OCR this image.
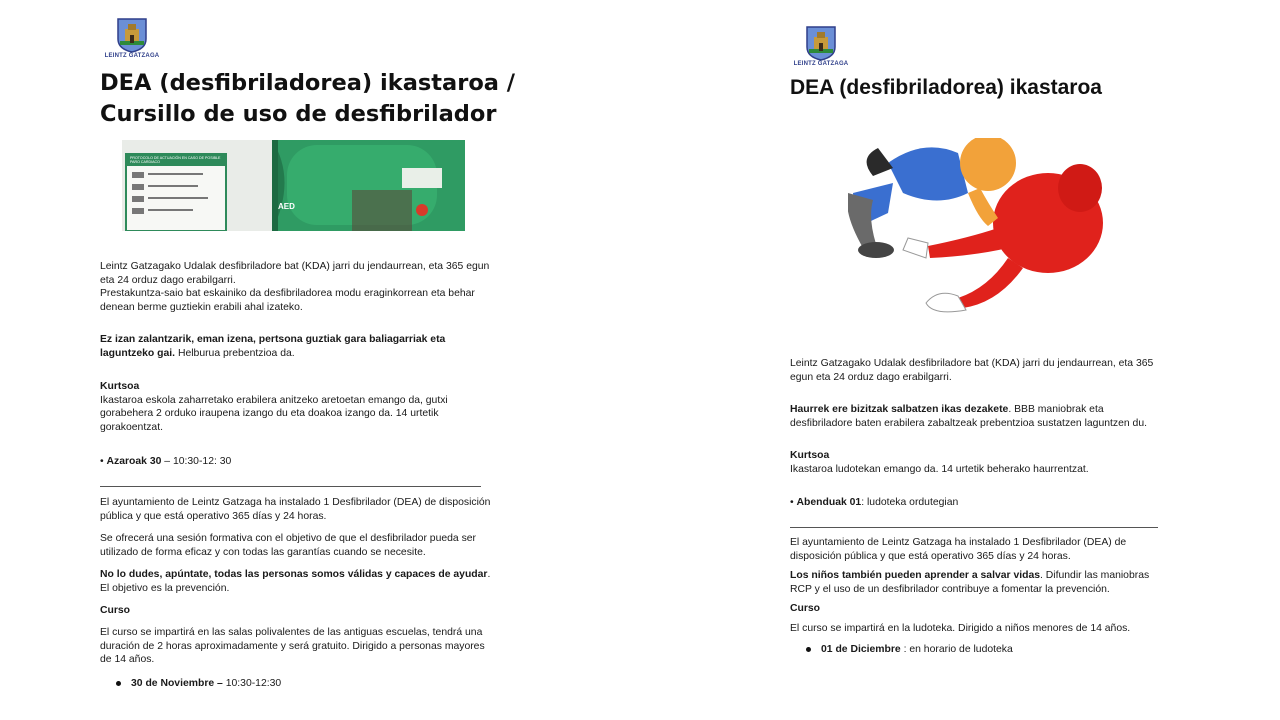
LEINTZ GATZAGA
DEA (desfibriladorea) ikastaroa /
Cursillo de uso de desfibrilador
AED
PROTOCOLO DE ACTUACIÓN EN CASO DE POSIBLE PARO CARDIACO

Leintz Gatzagako Udalak desfibriladore bat (KDA) jarri du jendaurrean, eta 365 egun eta 24 orduz dago erabilgarri.
Prestakuntza-saio bat eskainiko da desfibriladorea modu eraginkorrean eta behar denean berme guztiekin erabili ahal izateko.

Ez izan zalantzarik, eman izena, pertsona guztiak gara baliagarriak eta laguntzeko gai. Helburua prebentzioa da.

Kurtsoa
Ikastaroa eskola zaharretako erabilera anitzeko aretoetan emango da, gutxi gorabehera 2 orduko iraupena izango du eta doakoa izango da. 14 urtetik gorakoentzat.

• Azaroak 30 – 10:30-12: 30

El ayuntamiento de Leintz Gatzaga ha instalado 1 Desfibrilador (DEA) de disposición pública y que está operativo 365 días y 24 horas.

Se ofrecerá una sesión formativa con el objetivo de que el desfibrilador pueda ser utilizado de forma eficaz y con todas las garantías cuando se necesite.

No lo dudes, apúntate, todas las personas somos válidas y capaces de ayudar. El objetivo es la prevención.

Curso

El curso se impartirá en las salas polivalentes de las antiguas escuelas, tendrá una duración de 2 horas aproximadamente y será gratuito. Dirigido a personas mayores de 14 años.

30 de Noviembre – 10:30-12:30

LEINTZ GATZAGA
DEA (desfibriladorea) ikastaroa

Leintz Gatzagako Udalak desfibriladore bat (KDA) jarri du jendaurrean, eta 365 egun eta 24 orduz dago erabilgarri.

Haurrek ere bizitzak salbatzen ikas dezakete. BBB maniobrak eta desfibriladore baten erabilera zabaltzeak prebentzioa sustatzen laguntzen du.

Kurtsoa
Ikastaroa ludotekan emango da. 14 urtetik beherako haurrentzat.

• Abenduak 01: ludoteka ordutegian

El ayuntamiento de Leintz Gatzaga ha instalado 1 Desfibrilador (DEA) de disposición pública y que está operativo 365 días y 24 horas.

Los niños también pueden aprender a salvar vidas. Difundir las maniobras RCP y el uso de un desfibrilador contribuye a fomentar la prevención.

Curso

El curso se impartirá en la ludoteka. Dirigido a niños menores de 14 años.

01 de Diciembre : en horario de ludoteka
